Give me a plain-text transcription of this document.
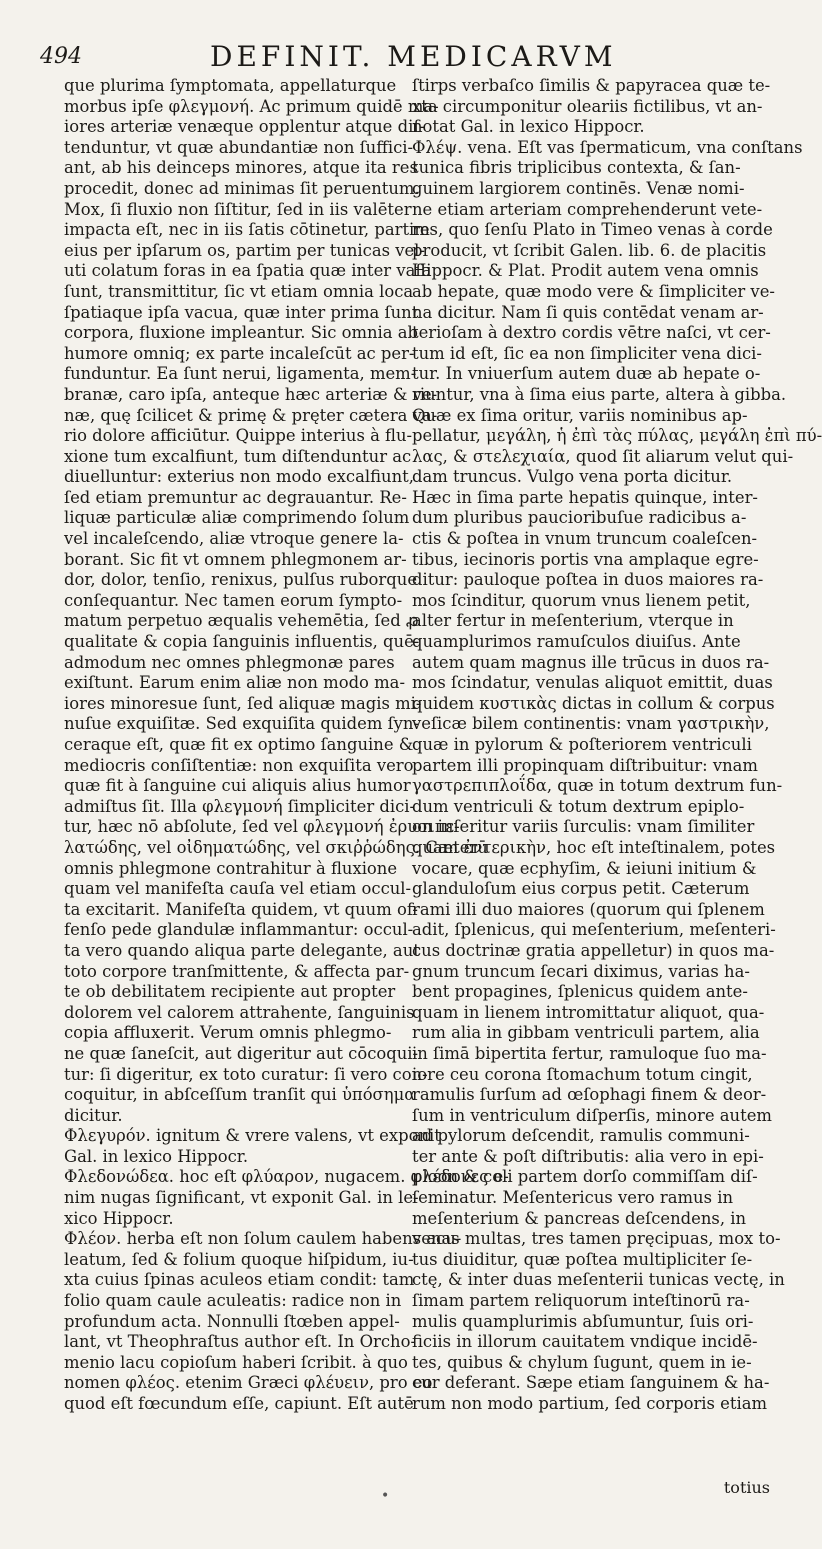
494	DEFINIT. MEDICARVM
que plurima ſymptomata, appellaturque
morbus ipſe φλεγμονή. Ac primum quidē ma-
iores arteriæ venæque opplentur atque diſ-
tenduntur, vt quæ abundantiæ non ſuffici-
ant, ab his deinceps minores, atque ita res
procedit, donec ad minimas ſit peruentum.
Mox, ſi fluxio non ſiſtitur, ſed in iis valēter
impacta eſt, nec in iis ſatis cōtinetur, partim
eius per ipſarum os, partim per tunicas vel-
uti colatum foras in ea ſpatia quæ inter vaſa
ſunt, transmittitur, ſic vt etiam omnia loca
ſpatiaque ipſa vacua, quæ inter prima ſunt
corpora, fluxione impleantur. Sic omnia ab
humore omniq; ex parte incaleſcūt ac per-
funduntur. Ea ſunt nerui, ligamenta, mem-
branæ, caro ipſa, anteque hæc arteriæ & ve-
næ, quę ſcilicet & primę & pręter cætera va-
rio dolore afficiūtur. Quippe interius à flu-
xione tum excalfiunt, tum diſtenduntur ac
diuelluntur: exterius non modo excalfiunt,
ſed etiam premuntur ac degrauantur. Re-
liquæ particulæ aliæ comprimendo ſolum
vel incaleſcendo, aliæ vtroque genere la-
borant. Sic fit vt omnem phlegmonem ar-
dor, dolor, tenſio, renixus, pulſus ruborque
conſequantur. Nec tamen eorum ſympto-
matum perpetuo æqualis vehemētia, ſed ꝓ
qualitate & copia ſanguinis influentis, quē-
admodum nec omnes phlegmonæ pares
exiſtunt. Earum enim aliæ non modo ma-
iores minoresue ſunt, ſed aliquæ magis mi-
nuſue exquiſitæ. Sed exquiſita quidem ſyn-
ceraque eſt, quæ fit ex optimo ſanguine &
mediocris conſiſtentiæ: non exquiſita vero
quæ fit à ſanguine cui aliquis alius humor
admiſtus ſit. Illa φλεγμονή ſimpliciter dici-
tur, hæc nō abſolute, ſed vel φλεγμονή ἐρυσιπε-
λατώδης, vel οἰδηματώδης, vel σκιῤῥώδης. Cæterū
omnis phlegmone contrahitur à fluxione
quam vel manifeſta cauſa vel etiam occul-
ta excitarit. Manifeſta quidem, vt quum of-
fenſo pede glandulæ inflammantur: occul-
ta vero quando aliqua parte delegante, aut
toto corpore tranſmittente, & affecta par-
te ob debilitatem recipiente aut propter
dolorem vel calorem attrahente, ſanguinis
copia affluxerit. Verum omnis phlegmo-
ne quæ ſaneſcit, aut digeritur aut cōcoqui-
tur: ſi digeritur, ex toto curatur: ſi vero con-
coquitur, in abſceſſum tranſit qui ὑπόσημα
dicitur.
Φλεγυρόν. ignitum & vrere valens, vt exponit
Gal. in lexico Hippocr.
Φλεδονώδεα. hoc eſt φλύαρον, nugacem. φλέδονες e-
nim nugas ſignificant, vt exponit Gal. in le-
xico Hippocr.
Φλέον. herba eſt non ſolum caulem habens acu-
leatum, ſed & folium quoque hiſpidum, iu-
xta cuius ſpinas aculeos etiam condit: tam
folio quam caule aculeatis: radice non in
profundum acta. Nonnulli ſtœben appel-
lant, vt Theophraſtus author eſt. In Orcho-
menio lacu copioſum haberi ſcribit. à quo
nomen φλέος. etenim Græci φλέυειν, pro eo
quod eſt fœcundum eſſe, capiunt. Eſt autē
ſtirps verbaſco ſimilis & papyracea quæ te-
xta circumponitur oleariis fictilibus, vt an-
notat Gal. in lexico Hippocr.
Φλέψ. vena. Eſt vas ſpermaticum, vna conſtans
tunica fibris triplicibus contexta, & ſan-
guinem largiorem continēs. Venæ nomi-
ne etiam arteriam comprehenderunt vete-
res, quo ſenſu Plato in Timeo venas à corde
producit, vt ſcribit Galen. lib. 6. de placitis
Hippocr. & Plat. Prodit autem vena omnis
ab hepate, quæ modo vere & ſimpliciter ve-
na dicitur. Nam ſi quis contēdat venam ar-
terioſam à dextro cordis vētre naſci, vt cer-
tum id eſt, ſic ea non ſimpliciter vena dici-
tur. In vniuerſum autem duæ ab hepate o-
riuntur, vna à ſima eius parte, altera à gibba.
Quæ ex ſima oritur, variis nominibus ap-
pellatur, μεγάλη, ἡ ἐπὶ τὰς πύλας, μεγάλη ἐπὶ πύ-
λας, & στελεχιαία, quod ſit aliarum velut qui-
dam truncus. Vulgo vena porta dicitur.
Hæc in ſima parte hepatis quinque, inter-
dum pluribus paucioribuſue radicibus a-
ctis & poſtea in vnum truncum coaleſcen-
tibus, iecinoris portis vna amplaque egre-
ditur: pauloque poſtea in duos maiores ra-
mos ſcinditur, quorum vnus lienem petit,
alter fertur in meſenterium, vterque in
quamplurimos ramuſculos diuiſus. Ante
autem quam magnus ille trūcus in duos ra-
mos ſcindatur, venulas aliquot emittit, duas
quidem κυστικὰς dictas in collum & corpus
veſicæ bilem continentis: vnam γαστρικὴν,
quæ in pylorum & poſteriorem ventriculi
partem illi propinquam diſtribuitur: vnam
γαστρεπιπλοΐδα, quæ in totum dextrum fun-
dum ventriculi & totum dextrum epiplo-
on inſeritur variis ſurculis: vnam ſimiliter
quam ἐντερικὴν, hoc eſt inteſtinalem, potes
vocare, quæ ecphyſim, & ieiuni initium &
glanduloſum eius corpus petit. Cæterum
rami illi duo maiores (quorum qui ſplenem
adit, ſplenicus, qui meſenterium, meſenteri-
cus doctrinæ gratia appelletur) in quos ma-
gnum truncum ſecari diximus, varias ha-
bent propagines, ſplenicus quidem ante-
quam in lienem intromittatur aliquot, qua-
rum alia in gibbam ventriculi partem, alia
in ſimā bipertita fertur, ramuloque ſuo ma-
iore ceu corona ſtomachum totum cingit,
ramulis ſurſum ad œſophagi finem & deor-
ſum in ventriculum diſperſis, minore autem
ad pylorum deſcendit, ramulis communi-
ter ante & poſt diſtributis: alia vero in epi-
ploon & coli partem dorſo commiſſam diſ-
ſeminatur. Meſentericus vero ramus in
meſenterium & pancreas deſcendens, in
venas multas, tres tamen pręcipuas, mox to-
tus diuiditur, quæ poſtea multipliciter ſe-
ctę, & inter duas meſenterii tunicas vectę, in
ſimam partem reliquorum inteſtinorū ra-
mulis quamplurimis abſumuntur, ſuis ori-
ficiis in illorum cauitatem vndique incidē-
tes, quibus & chylum ſugunt, quem in ie-
cur deferant. Sæpe etiam ſanguinem & ha-
rum non modo partium, ſed corporis etiam
•	totius
